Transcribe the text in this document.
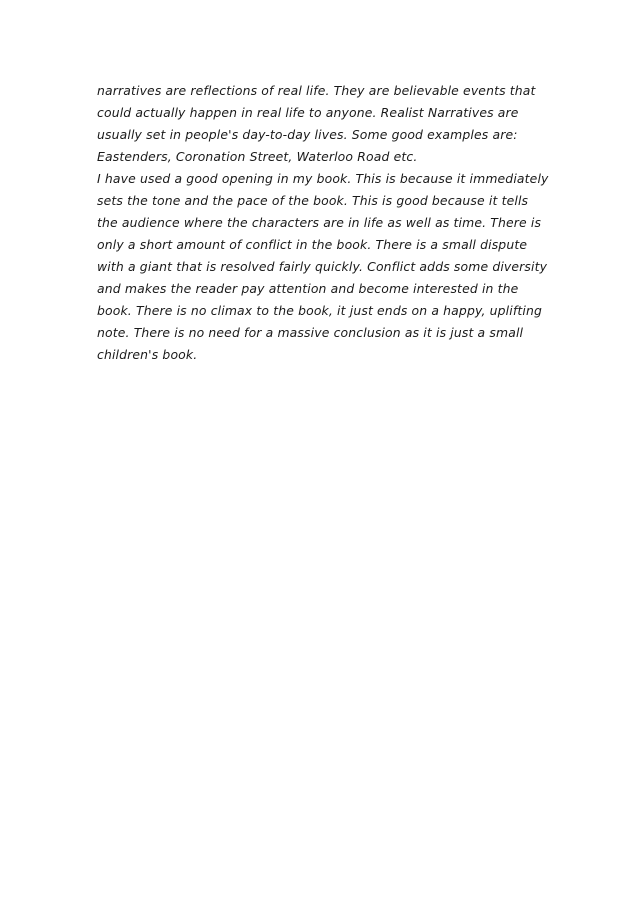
narratives are reflections of real life. They are believable events that
could actually happen in real life to anyone. Realist Narratives are
usually set in people's day-to-day lives. Some good examples are:
Eastenders, Coronation Street, Waterloo Road etc.
I have used a good opening in my book. This is because it immediately
sets the tone and the pace of the book. This is good because it tells
the audience where the characters are in life as well as time. There is
only a short amount of conflict in the book. There is a small dispute
with a giant that is resolved fairly quickly. Conflict adds some diversity
and makes the reader pay attention and become interested in the
book. There is no climax to the book, it just ends on a happy, uplifting
note. There is no need for a massive conclusion as it is just a small
children's book.
